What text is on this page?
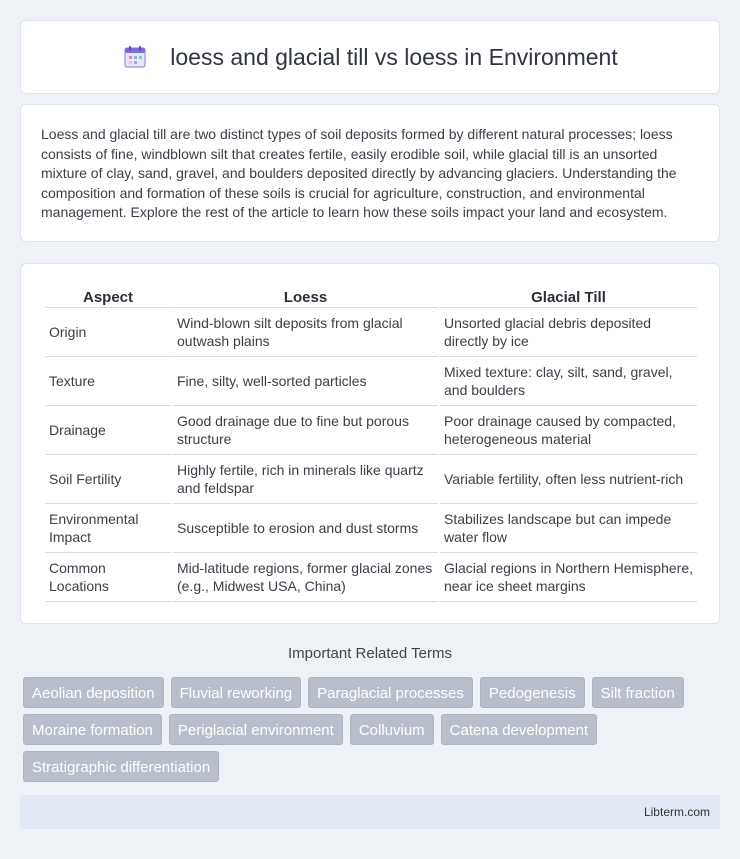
loess and glacial till vs loess in Environment

Loess and glacial till are two distinct types of soil deposits formed by different natural processes; loess consists of fine, windblown silt that creates fertile, easily erodible soil, while glacial till is an unsorted mixture of clay, sand, gravel, and boulders deposited directly by advancing glaciers. Understanding the composition and formation of these soils is crucial for agriculture, construction, and environmental management. Explore the rest of the article to learn how these soils impact your land and ecosystem.

Aspect	Loess	Glacial Till
Origin	Wind-blown silt deposits from glacial outwash plains	Unsorted glacial debris deposited directly by ice
Texture	Fine, silty, well-sorted particles	Mixed texture: clay, silt, sand, gravel, and boulders
Drainage	Good drainage due to fine but porous structure	Poor drainage caused by compacted, heterogeneous material
Soil Fertility	Highly fertile, rich in minerals like quartz and feldspar	Variable fertility, often less nutrient-rich
Environmental Impact	Susceptible to erosion and dust storms	Stabilizes landscape but can impede water flow
Common Locations	Mid-latitude regions, former glacial zones (e.g., Midwest USA, China)	Glacial regions in Northern Hemisphere, near ice sheet margins
Important Related Terms
Aeolian deposition	Fluvial reworking	Paraglacial processes	Pedogenesis	Silt fraction
Moraine formation	Periglacial environment	Colluvium	Catena development
Stratigraphic differentiation
Libterm.com
